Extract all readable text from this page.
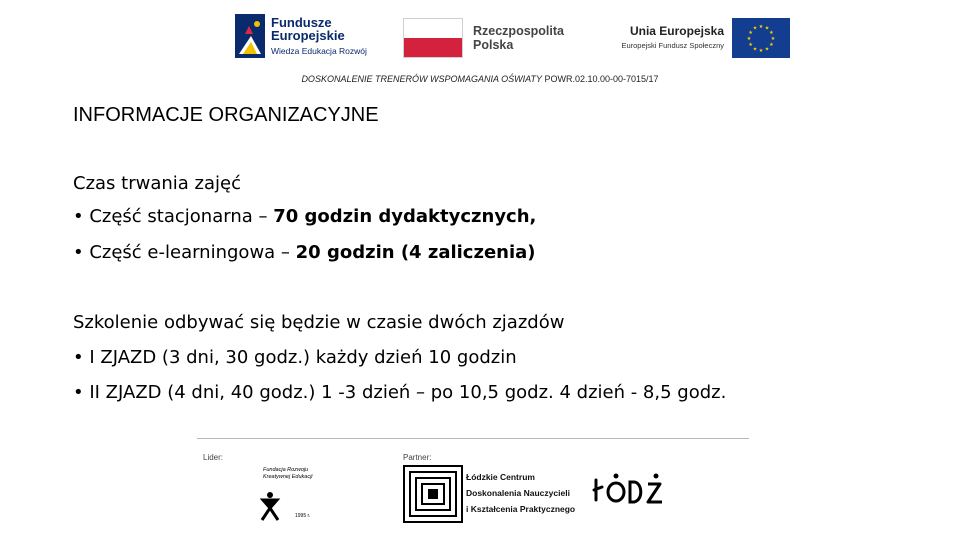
Fundusze
Europejskie
Wiedza Edukacja Rozwój
Rzeczpospolita
Polska
Unia Europejska
Europejski Fundusz Społeczny
★ ★
★
★
★
★
★
★
★
★
★
★
DOSKONALENIE TRENERÓW WSPOMAGANIA OŚWIATY POWR.02.10.00-00-7015/17
INFORMACJE ORGANIZACYJNE
Czas trwania zajęć
• Część stacjonarna – 70 godzin dydaktycznych,
• Część e-learningowa – 20 godzin (4 zaliczenia)
Szkolenie odbywać się będzie w czasie dwóch zjazdów
• I ZJAZD (3 dni, 30 godz.) każdy dzień 10 godzin
• II ZJAZD (4 dni, 40 godz.) 1 -3 dzień – po 10,5 godz. 4 dzień - 8,5 godz.
Lider:	Partner:
Fundacja Rozwoju
Kreatywnej Edukacji
1995 r.
Łódzkie Centrum
Doskonalenia Nauczycieli
i Kształcenia Praktycznego
